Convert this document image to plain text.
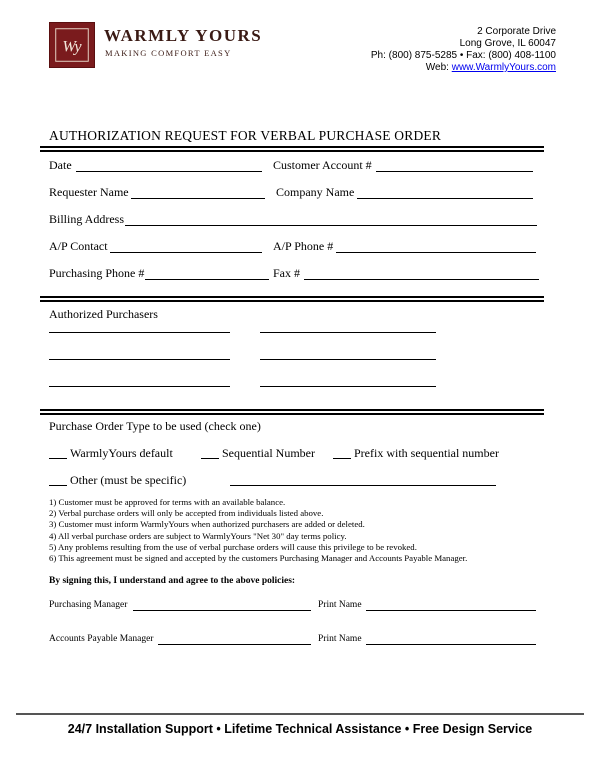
Wy
WARMLY YOURS
MAKING COMFORT EASY
2 Corporate Drive
Long Grove, IL 60047
Ph: (800) 875-5285 • Fax: (800) 408-1100
Web: www.WarmlyYours.com
AUTHORIZATION REQUEST FOR VERBAL PURCHASE ORDER
Date	Customer Account #
Requester Name	Company Name
Billing Address
A/P Contact	A/P Phone #
Purchasing Phone #	Fax #
Authorized Purchasers
Purchase Order Type to be used (check one)
WarmlyYours default	Sequential Number	Prefix with sequential number
Other (must be specific)
1) Customer must be approved for terms with an available balance.
2) Verbal purchase orders will only be accepted from individuals listed above.
3) Customer must inform WarmlyYours when authorized purchasers are added or deleted.
4) All verbal purchase orders are subject to WarmlyYours "Net 30" day terms policy.
5) Any problems resulting from the use of verbal purchase orders will cause this privilege to be revoked.
6) This agreement must be signed and accepted by the customers Purchasing Manager and Accounts Payable Manager.
By signing this, I understand and agree to the above policies:
Purchasing Manager	Print Name
Accounts Payable Manager	Print Name
24/7 Installation Support • Lifetime Technical Assistance • Free Design Service
